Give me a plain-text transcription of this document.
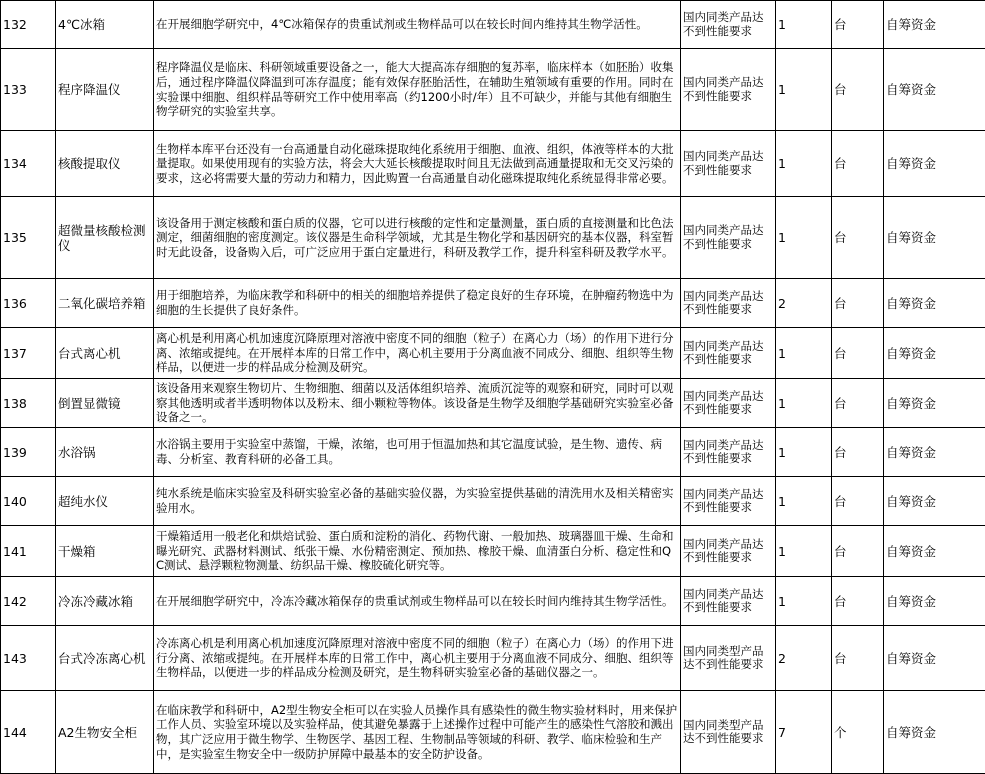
132	4℃冰箱	在开展细胞学研究中，4℃冰箱保存的贵重试剂或生物样品可以在较长时间内维持其生物学活性。	国内同类产品达不到性能要求	1	台	自筹资金
133	程序降温仪	程序降温仪是临床、科研领域重要设备之一，能大大提高冻存细胞的复苏率，临床样本（如胚胎）收集后，通过程序降温仪降温到可冻存温度；能有效保存胚胎活性，在辅助生殖领域有重要的作用。同时在实验课中细胞、组织样品等研究工作中使用率高（约1200小时/年）且不可缺少，并能与其他有细胞生物学研究的实验室共享。	国内同类产品达不到性能要求	1	台	自筹资金
134	核酸提取仪	生物样本库平台还没有一台高通量自动化磁珠提取纯化系统用于细胞、血液、组织，体液等样本的大批量提取。如果使用现有的实验方法，将会大大延长核酸提取时间且无法做到高通量提取和无交叉污染的要求，这必将需要大量的劳动力和精力，因此购置一台高通量自动化磁珠提取纯化系统显得非常必要。	国内同类产品达不到性能要求	1	台	自筹资金
135	超微量核酸检测仪	该设备用于测定核酸和蛋白质的仪器，它可以进行核酸的定性和定量测量，蛋白质的直接测量和比色法测定，细菌细胞的密度测定。该仪器是生命科学领域，尤其是生物化学和基因研究的基本仪器，科室暂时无此设备，设备购入后，可广泛应用于蛋白定量进行，科研及教学工作，提升科室科研及教学水平。	国内同类产品达不到性能要求	1	台	自筹资金
136	二氧化碳培养箱	用于细胞培养，为临床教学和科研中的相关的细胞培养提供了稳定良好的生存环境，在肿瘤药物选中为细胞的生长提供了良好条件。	国内同类产品达不到性能要求	2	台	自筹资金
137	台式离心机	离心机是利用离心机加速度沉降原理对溶液中密度不同的细胞（粒子）在离心力（场）的作用下进行分离、浓缩或提纯。在开展样本库的日常工作中，离心机主要用于分离血液不同成分、细胞、组织等生物样品，以便进一步的样品成分检测及研究。	国内同类产品达不到性能要求	1	台	自筹资金
138	倒置显微镜	该设备用来观察生物切片、生物细胞、细菌以及活体组织培养、流质沉淀等的观察和研究，同时可以观察其他透明或者半透明物体以及粉末、细小颗粒等物体。该设备是生物学及细胞学基础研究实验室必备设备之一。	国内同类产品达不到性能要求	1	台	自筹资金
139	水浴锅	水浴锅主要用于实验室中蒸馏，干燥，浓缩，也可用于恒温加热和其它温度试验，是生物、遗传、病毒、分析室、教育科研的必备工具。	国内同类产品达不到性能要求	1	台	自筹资金
140	超纯水仪	纯水系统是临床实验室及科研实验室必备的基础实验仪器，为实验室提供基础的清洗用水及相关精密实验用水。	国内同类产品达不到性能要求	1	台	自筹资金
141	干燥箱	干燥箱适用一般老化和烘焙试验、蛋白质和淀粉的消化、药物代谢、一般加热、玻璃器皿干燥、生命和曝光研究、武器材料测试、纸张干燥、水份精密测定、预加热、橡胶干燥、血清蛋白分析、稳定性和QC测试、悬浮颗粒物测量、纺织品干燥、橡胶硫化研究等。	国内同类产品达不到性能要求	1	台	自筹资金
142	冷冻冷藏冰箱	在开展细胞学研究中，冷冻冷藏冰箱保存的贵重试剂或生物样品可以在较长时间内维持其生物学活性。	国内同类产品达不到性能要求	1	台	自筹资金
143	台式冷冻离心机	冷冻离心机是利用离心机加速度沉降原理对溶液中密度不同的细胞（粒子）在离心力（场）的作用下进行分离、浓缩或提纯。在开展样本库的日常工作中，离心机主要用于分离血液不同成分、细胞、组织等生物样品，以便进一步的样品成分检测及研究，是生物科研实验室必备的基础仪器之一。	国内同类型产品达不到性能要求	2	台	自筹资金
144	A2生物安全柜	在临床教学和科研中，A2型生物安全柜可以在实验人员操作具有感染性的微生物实验材料时，用来保护工作人员、实验室环境以及实验样品，使其避免暴露于上述操作过程中可能产生的感染性气溶胶和溅出物，其广泛应用于微生物学、生物医学、基因工程、生物制品等领域的科研、教学、临床检验和生产中，是实验室生物安全中一级防护屏障中最基本的安全防护设备。	国内同类型产品达不到性能要求	7	个	自筹资金
